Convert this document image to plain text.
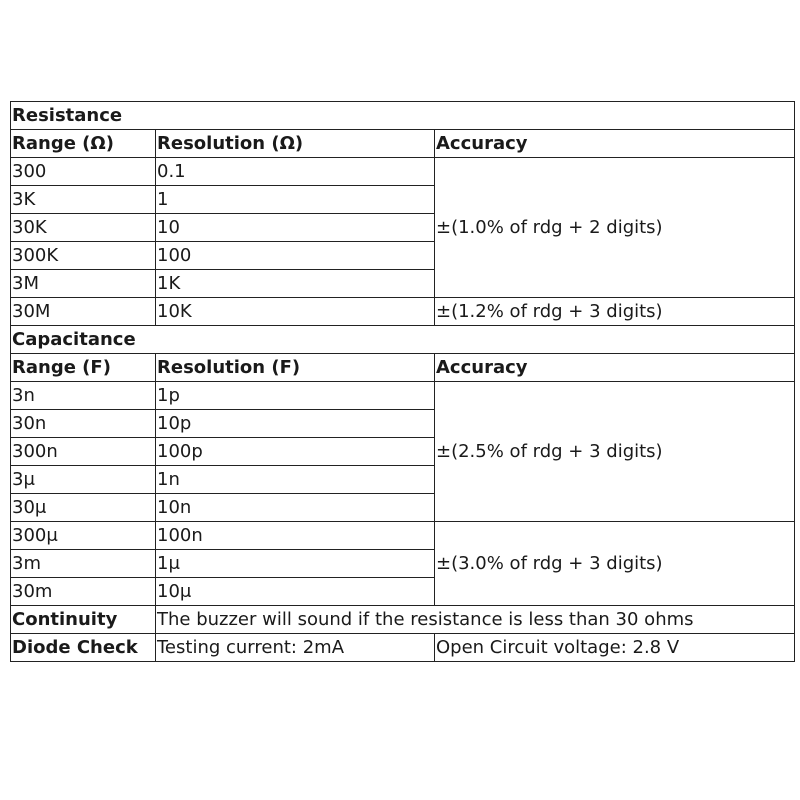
Resistance		
Range (Ω)	Resolution (Ω)	Accuracy
300	0.1	±(1.0% of rdg + 2 digits)
3K	1	
30K	10	
300K	100	
3M	1K	
30M	10K	±(1.2% of rdg + 3 digits)
Capacitance		
Range (F)	Resolution (F)	Accuracy
3n	1p	±(2.5% of rdg + 3 digits)
30n	10p	
300n	100p	
3μ	1n	
30μ	10n	
300μ	100n	±(3.0% of rdg + 3 digits)
3m	1μ	
30m	10μ	
Continuity	The buzzer will sound if the resistance is less than 30 ohms	
Diode Check	Testing current: 2mA	Open Circuit voltage: 2.8 V
